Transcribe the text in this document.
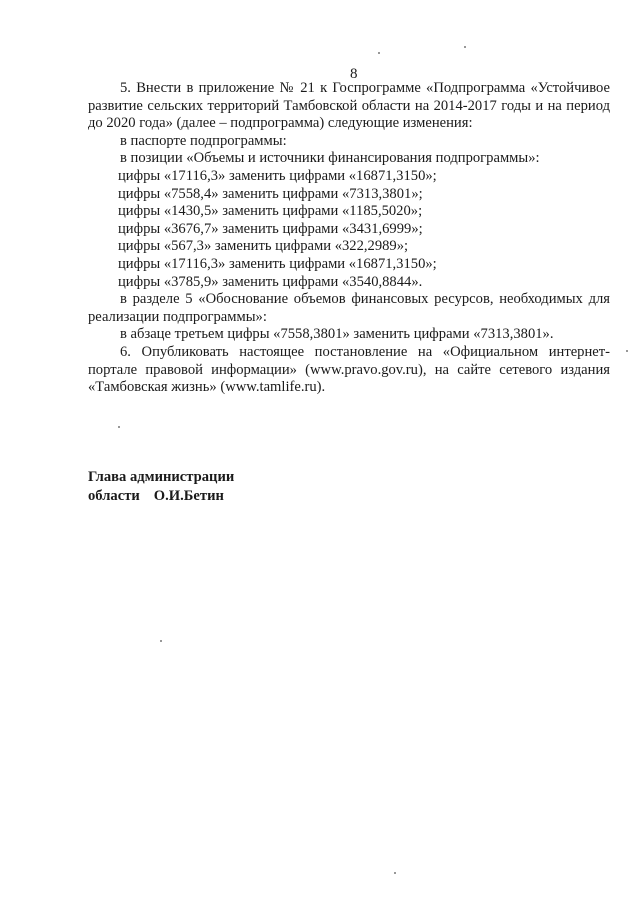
8

5. Внести в приложение № 21 к Госпрограмме «Подпрограмма «Устойчивое развитие сельских территорий Тамбовской области на 2014-2017 годы и на период до 2020 года» (далее – подпрограмма) следующие изменения:

в паспорте подпрограммы:

в позиции «Объемы и источники финансирования подпрограммы»:

цифры «17116,3» заменить цифрами «16871,3150»;

цифры «7558,4» заменить цифрами «7313,3801»;

цифры «1430,5» заменить цифрами «1185,5020»;

цифры «3676,7» заменить цифрами «3431,6999»;

цифры «567,3» заменить цифрами «322,2989»;

цифры «17116,3» заменить цифрами «16871,3150»;

цифры «3785,9» заменить цифрами «3540,8844».

в разделе 5 «Обоснование объемов финансовых ресурсов, необходимых для реализации подпрограммы»:

в абзаце третьем цифры «7558,3801» заменить цифрами «7313,3801».

6. Опубликовать настоящее постановление на «Официальном интернет-портале правовой информации» (www.pravo.gov.ru), на сайте сетевого издания «Тамбовская жизнь» (www.tamlife.ru).

Глава администрации
области О.И.Бетин
